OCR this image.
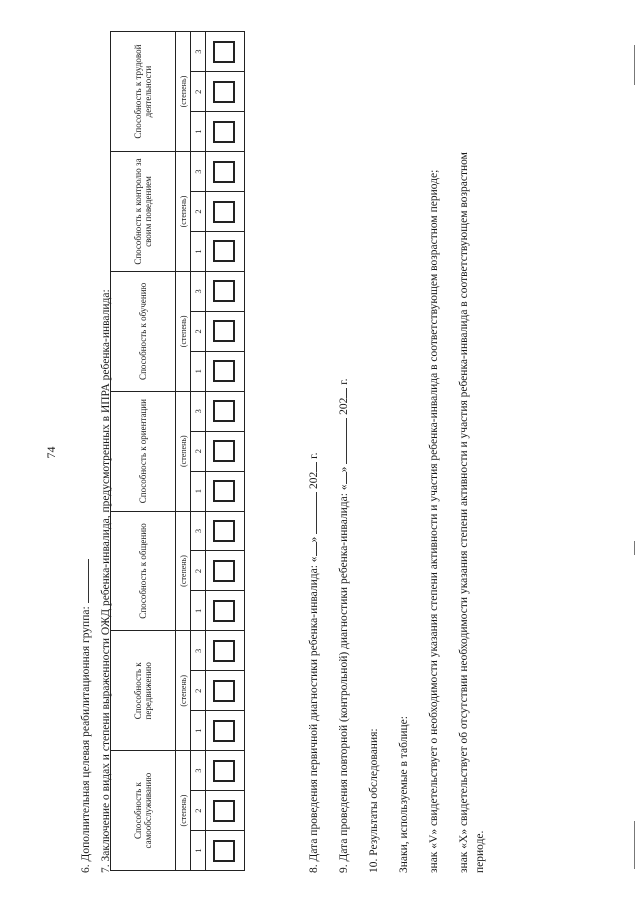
74
6. Дополнительная целевая реабилитационная группа: 7. Заключение о видах и степени выраженности ОЖД ребенка-инвалида, предусмотренных в ИПРА ребенка-инвалида: Способность к самообслуживанию			Способность к передвижению			Способность к общению			Способность к ориентации			Способность к обучению			Способность к контролю за своим поведением			Способность к трудовой деятельности		
(степень)			(степень)			(степень)			(степень)			(степень)			(степень)			(степень)		
1	2	3	1	2	3	1	2	3	1	2	3	1	2	3	1	2	3	1	2	3

8. Дата проведения первичной диагностики ребенка-инвалида: «»  202 г.
9. Дата проведения повторной (контрольной) диагностики ребенка-инвалида: «»  202 г.
10. Результаты обследования: Знаки, используемые в таблице: знак «V» свидетельствует о необходимости указания степени активности и участия ребенка-инвалида в соответствующем возрастном периоде; знак «X» свидетельствует об отсутствии необходимости указания степени активности и участия ребенка-инвалида в соответствующем возрастном периоде.
